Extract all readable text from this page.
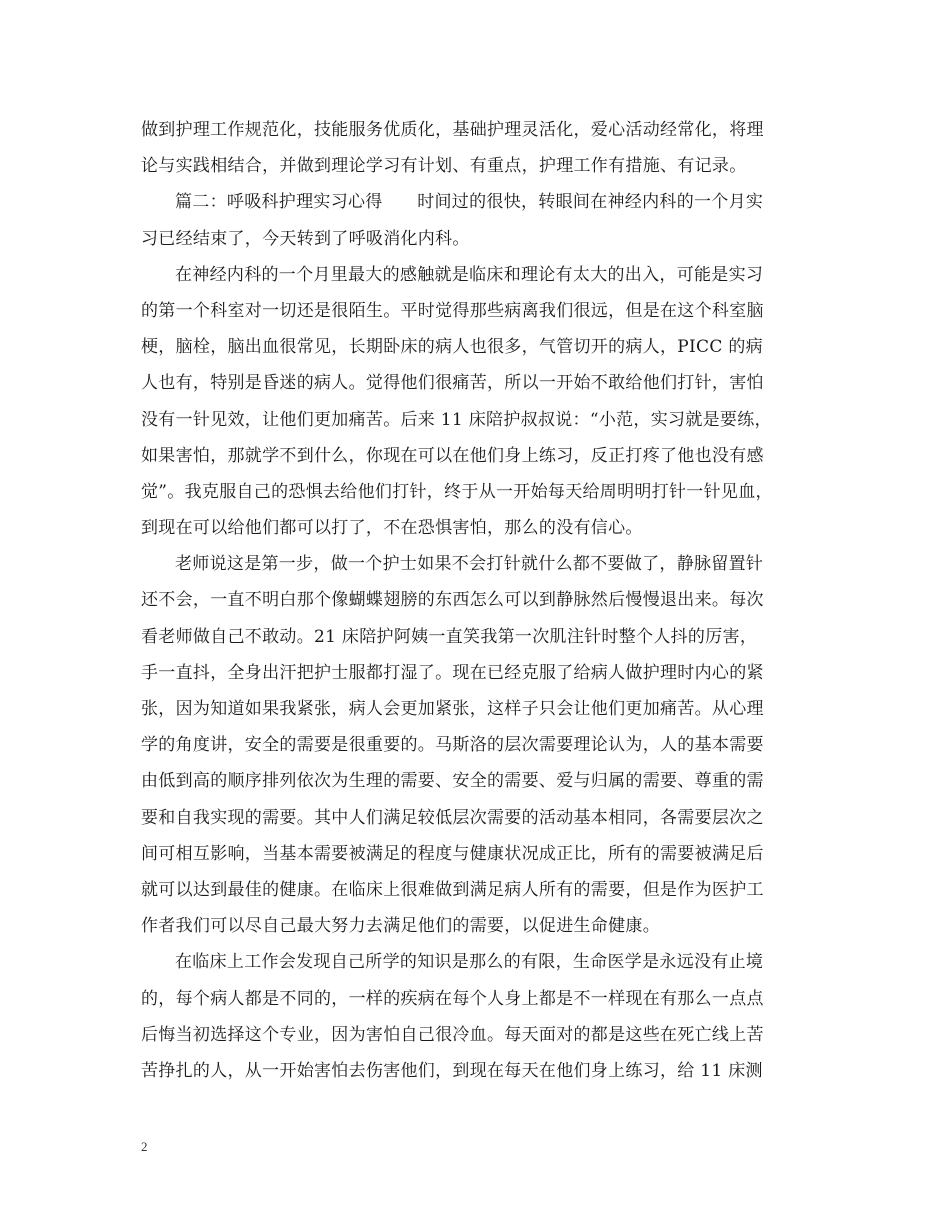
做到护理工作规范化，技能服务优质化，基础护理灵活化，爱心活动经常化，将理
论与实践相结合，并做到理论学习有计划、有重点，护理工作有措施、有记录。
篇二：呼吸科护理实习心得　　时间过的很快，转眼间在神经内科的一个月实
习已经结束了，今天转到了呼吸消化内科。
在神经内科的一个月里最大的感触就是临床和理论有太大的出入，可能是实习
的第一个科室对一切还是很陌生。平时觉得那些病离我们很远，但是在这个科室脑
梗，脑栓，脑出血很常见，长期卧床的病人也很多，气管切开的病人，PICC 的病
人也有，特别是昏迷的病人。觉得他们很痛苦，所以一开始不敢给他们打针，害怕
没有一针见效，让他们更加痛苦。后来 11 床陪护叔叔说：“小范，实习就是要练，
如果害怕，那就学不到什么，你现在可以在他们身上练习，反正打疼了他也没有感
觉”。我克服自己的恐惧去给他们打针，终于从一开始每天给周明明打针一针见血，
到现在可以给他们都可以打了，不在恐惧害怕，那么的没有信心。
老师说这是第一步，做一个护士如果不会打针就什么都不要做了，静脉留置针
还不会，一直不明白那个像蝴蝶翅膀的东西怎么可以到静脉然后慢慢退出来。每次
看老师做自己不敢动。21 床陪护阿姨一直笑我第一次肌注针时整个人抖的厉害，
手一直抖，全身出汗把护士服都打湿了。现在已经克服了给病人做护理时内心的紧
张，因为知道如果我紧张，病人会更加紧张，这样子只会让他们更加痛苦。从心理
学的角度讲，安全的需要是很重要的。马斯洛的层次需要理论认为，人的基本需要
由低到高的顺序排列依次为生理的需要、安全的需要、爱与归属的需要、尊重的需
要和自我实现的需要。其中人们满足较低层次需要的活动基本相同，各需要层次之
间可相互影响，当基本需要被满足的程度与健康状况成正比，所有的需要被满足后
就可以达到最佳的健康。在临床上很难做到满足病人所有的需要，但是作为医护工
作者我们可以尽自己最大努力去满足他们的需要，以促进生命健康。
在临床上工作会发现自己所学的知识是那么的有限，生命医学是永远没有止境
的，每个病人都是不同的，一样的疾病在每个人身上都是不一样现在有那么一点点
后悔当初选择这个专业，因为害怕自己很冷血。每天面对的都是这些在死亡线上苦
苦挣扎的人，从一开始害怕去伤害他们，到现在每天在他们身上练习，给 11 床测
2
